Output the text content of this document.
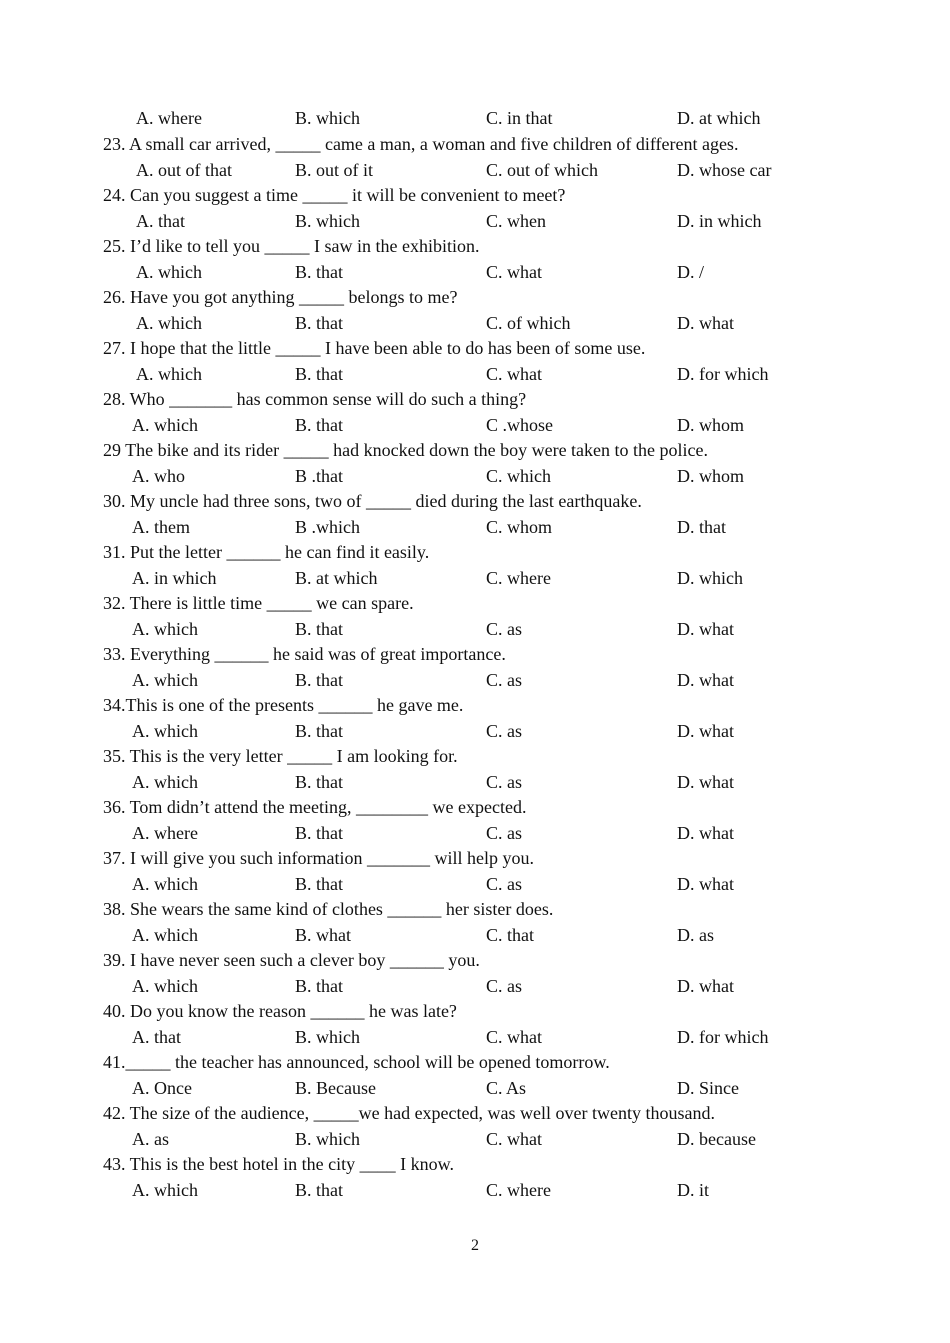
A. where	B. which	C. in that	D. at which
23. A small car arrived, _____ came a man, a woman and five children of different ages.
A. out of that	B. out of it	C. out of which	D. whose car
24. Can you suggest a time _____ it will be convenient to meet?
A. that	B. which	C. when	D. in which
25. I’d like to tell you _____ I saw in the exhibition.
A. which	B. that	C. what	D. /
26. Have you got anything _____ belongs to me?
A. which	B. that	C. of which	D. what
27. I hope that the little _____ I have been able to do has been of some use.
A. which	B. that	C. what	D. for which
28. Who _______ has common sense will do such a thing?
A. which	B. that	C .whose	D. whom
29 The bike and its rider _____ had knocked down the boy were taken to the police.
A. who	B .that	C. which	D. whom
30. My uncle had three sons, two of _____ died during the last earthquake.
A. them	B .which	C. whom	D. that
31. Put the letter ______ he can find it easily.
A. in which	B. at which	C. where	D. which
32. There is little time _____ we can spare.
A. which	B. that	C. as	D. what
33. Everything ______ he said was of great importance.
A. which	B. that	C. as	D. what
34.This is one of the presents ______ he gave me.
A. which	B. that	C. as	D. what
35. This is the very letter _____ I am looking for.
A. which	B. that	C. as	D. what
36. Tom didn’t attend the meeting, ________ we expected.
A. where	B. that	C. as	D. what
37. I will give you such information _______ will help you.
A. which	B. that	C. as	D. what
38. She wears the same kind of clothes ______ her sister does.
A. which	B. what	C. that	D. as
39. I have never seen such a clever boy ______ you.
A. which	B. that	C. as	D. what
40. Do you know the reason ______ he was late?
A. that	B. which	C. what	D. for which
41._____ the teacher has announced, school will be opened tomorrow.
A. Once	B. Because	C. As	D. Since
42. The size of the audience, _____we had expected, was well over twenty thousand.
A. as	B. which	C. what	D. because
43. This is the best hotel in the city ____ I know.
A. which	B. that	C. where	D. it
2
